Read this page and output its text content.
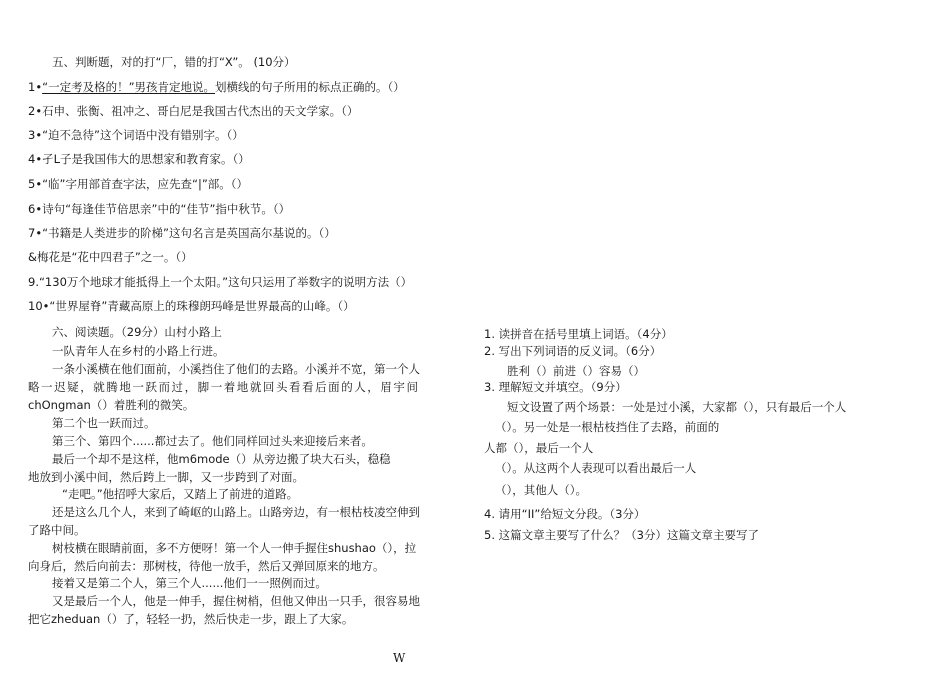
五、判断题，对的打“厂，错的打“X”。 (10分）
1•“一定考及格的！”男孩肯定地说。划横线的句子所用的标点正确的。（）
2•石申、张衡、祖冲之、哥白尼是我国古代杰出的天文学家。（）
3•“迫不急待”这个词语中没有错别字。（）
4•孑L子是我国伟大的思想家和教育家。（）
5•“临”字用部首查字法，应先查“|”部。（）
6•诗句“每逢佳节倍思亲”中的“佳节”指中秋节。（）
7•“书籍是人类进步的阶梯”这句名言是英国高尔基说的。（）
&梅花是“花中四君子”之一。（）
9.“130万个地球才能抵得上一个太阳。”这句只运用了举数字的说明方法（）
10•“世界屋脊”青藏高原上的珠穆朗玛峰是世界最高的山峰。（）
六、阅读题。（29分）山村小路上
一队青年人在乡村的小路上行进。
一条小溪横在他们面前，小溪挡住了他们的去路。小溪并不宽，第一个人
略一迟疑，就腾地一跃而过，脚一着地就回头看看后面的人，眉宇间
chOngman（）着胜利的微笑。
第二个也一跃而过。
第三个、第四个......都过去了。他们同样回过头来迎接后来者。
最后一个却不是这样，他m6mode（）从旁边搬了块大石头，稳稳
地放到小溪中间，然后跨上一脚，又一步跨到了对面。
“走吧。”他招呼大家后，又踏上了前进的道路。
还是这么几个人，来到了崎岖的山路上。山路旁边，有一根枯枝凌空伸到
了路中间。
树枝横在眼睛前面，多不方便呀！第一个人一伸手握住shushao（），拉
向身后，然后向前去：那树枝，待他一放手，然后又弹回原来的地方。
接着又是第二个人，第三个人......他们一一照例而过。
又是最后一个人，他是一伸手，握住树梢，但他又伸出一只手，很容易地
把它zheduan（）了，轻轻一扔，然后快走一步，跟上了大家。
1. 读拼音在括号里填上词语。（4分）
2. 写出下列词语的反义词。（6分）
胜利（）前进（）容易（）
3. 理解短文并填空。（9分）
短文设置了两个场景：一处是过小溪，大家都（），只有最后一个人
（）。另一处是一根枯枝挡住了去路，前面的
人都（），最后一个人
（）。从这两个人表现可以看出最后一人
（），其他人（）。
4. 请用“II”给短文分段。（3分）
5. 这篇文章主要写了什么？（3分）这篇文章主要写了
W
